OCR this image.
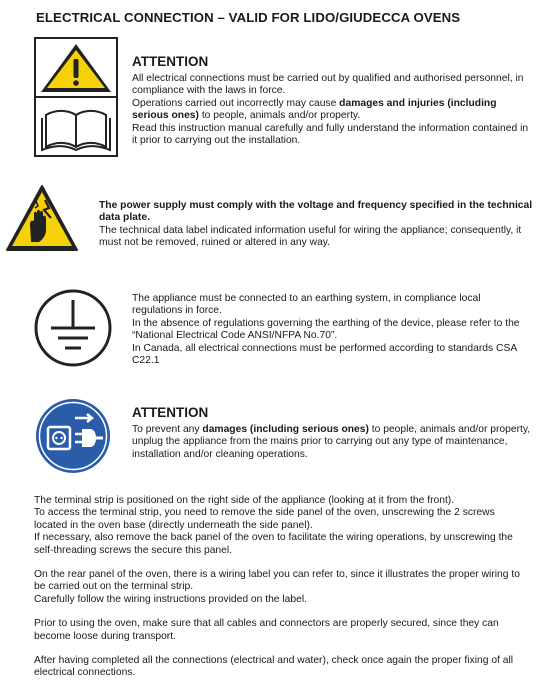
ELECTRICAL CONNECTION – VALID FOR LIDO/GIUDECCA OVENS
ATTENTION

All electrical connections must be carried out by qualified and authorised personnel, in compliance with the laws in force.

Operations carried out incorrectly may cause damages and injuries (including serious ones) to people, animals and/or property.

Read this instruction manual carefully and fully understand the information contained in it prior to carrying out the installation.

The power supply must comply with the voltage and frequency specified in the technical data plate.

The technical data label indicated information useful for wiring the appliance; consequently, it must not be removed, ruined or altered in any way.

The appliance must be connected to an earthing system, in compliance local regulations in force.

In the absence of regulations governing the earthing of the device, please refer to the “National Electrical Code ANSI/NFPA No.70”.

In Canada, all electrical connections must be performed according to standards CSA C22.1

ATTENTION

To prevent any damages (including serious ones) to people, animals and/or property, unplug the appliance from the mains prior to carrying out any type of maintenance, installation and/or cleaning operations.

The terminal strip is positioned on the right side of the appliance (looking at it from the front).

To access the terminal strip, you need to remove the side panel of the oven, unscrewing the 2 screws located in the oven base (directly underneath the side panel).

If necessary, also remove the back panel of the oven to facilitate the wiring operations, by unscrewing the self-threading screws the secure this panel.

On the rear panel of the oven, there is a wiring label you can refer to, since it illustrates the proper wiring to be carried out on the terminal strip.

Carefully follow the wiring instructions provided on the label.

Prior to using the oven, make sure that all cables and connectors are properly secured, since they can become loose during transport.

After having completed all the connections (electrical and water), check once again the proper fixing of all electrical connections.
